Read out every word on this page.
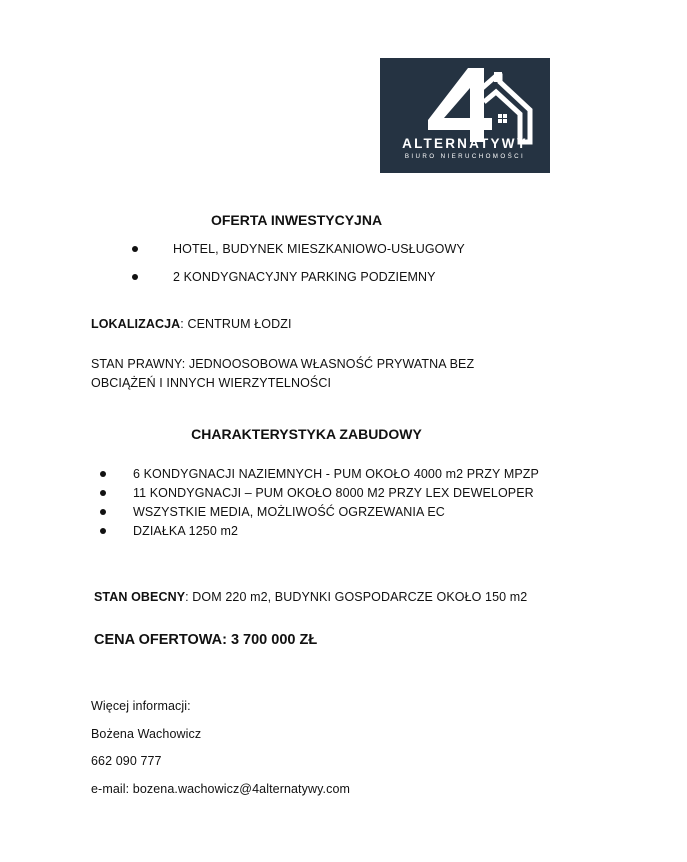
ALTERNATYWY
BIURO NIERUCHOMOŚCI
OFERTA INWESTYCYJNA
HOTEL, BUDYNEK MIESZKANIOWO-USŁUGOWY
2 KONDYGNACYJNY PARKING PODZIEMNY
LOKALIZACJA: CENTRUM ŁODZI
STAN PRAWNY: JEDNOOSOBOWA WŁASNOŚĆ PRYWATNA BEZ
OBCIĄŻEŃ I INNYCH WIERZYTELNOŚCI
CHARAKTERYSTYKA ZABUDOWY
6 KONDYGNACJI NAZIEMNYCH - PUM OKOŁO 4000 m2 PRZY MPZP
11 KONDYGNACJI – PUM OKOŁO 8000 M2 PRZY LEX DEWELOPER
WSZYSTKIE MEDIA, MOŻLIWOŚĆ OGRZEWANIA EC
DZIAŁKA 1250 m2
STAN OBECNY: DOM 220 m2, BUDYNKI GOSPODARCZE OKOŁO 150 m2
CENA OFERTOWA: 3 700 000 ZŁ
Więcej informacji:
Bożena Wachowicz
662 090 777
e-mail: bozena.wachowicz@4alternatywy.com
